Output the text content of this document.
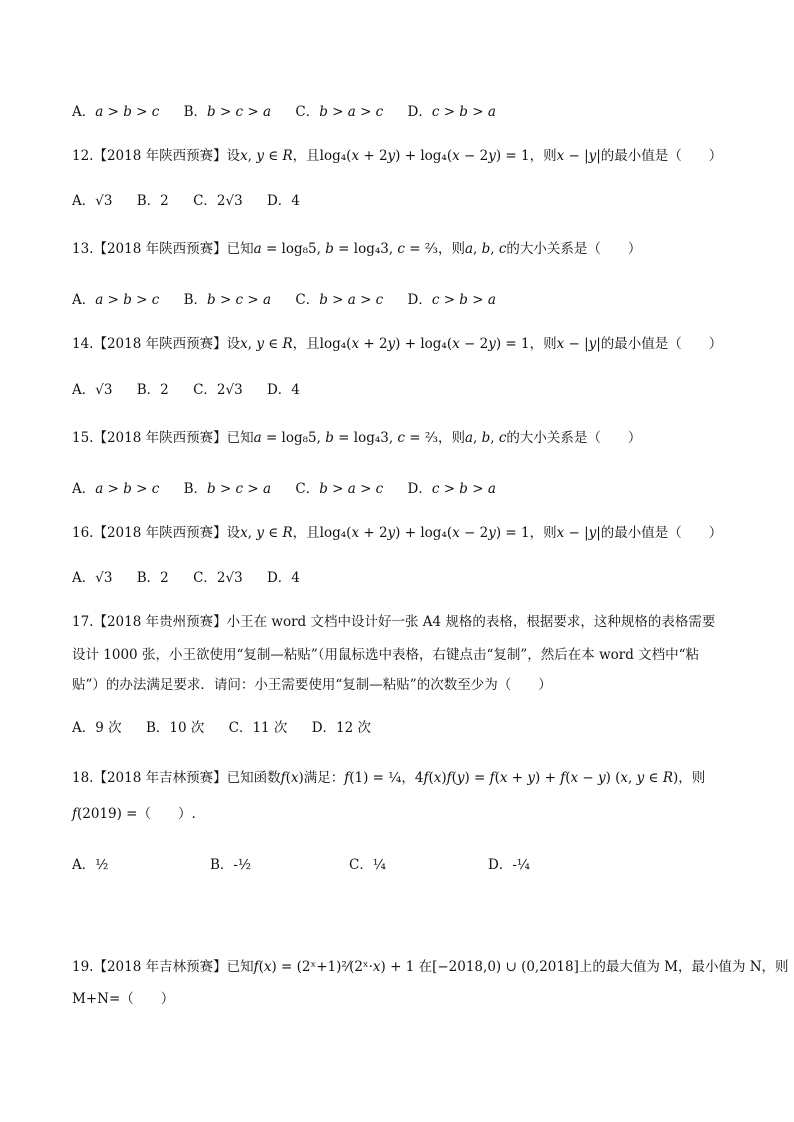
A．𝑎 > 𝑏 > 𝑐 B．𝑏 > 𝑐 > 𝑎 C．𝑏 > 𝑎 > 𝑐 D．𝑐 > 𝑏 > 𝑎
12.【2018 年陕西预赛】设𝑥, 𝑦 ∈ 𝑅，且log₄(𝑥 + 2𝑦) + log₄(𝑥 − 2𝑦) = 1，则𝑥 − |𝑦|的最小值是（　　）
A．√3 B．2 C．2√3 D．4
13.【2018 年陕西预赛】已知𝑎 = log₈5, 𝑏 = log₄3, 𝑐 = ²⁄₃，则𝑎, 𝑏, 𝑐的大小关系是（　　）
A．𝑎 > 𝑏 > 𝑐 B．𝑏 > 𝑐 > 𝑎 C．𝑏 > 𝑎 > 𝑐 D．𝑐 > 𝑏 > 𝑎
14.【2018 年陕西预赛】设𝑥, 𝑦 ∈ 𝑅，且log₄(𝑥 + 2𝑦) + log₄(𝑥 − 2𝑦) = 1，则𝑥 − |𝑦|的最小值是（　　）
A．√3 B．2 C．2√3 D．4
15.【2018 年陕西预赛】已知𝑎 = log₈5, 𝑏 = log₄3, 𝑐 = ²⁄₃，则𝑎, 𝑏, 𝑐的大小关系是（　　）
A．𝑎 > 𝑏 > 𝑐 B．𝑏 > 𝑐 > 𝑎 C．𝑏 > 𝑎 > 𝑐 D．𝑐 > 𝑏 > 𝑎
16.【2018 年陕西预赛】设𝑥, 𝑦 ∈ 𝑅，且log₄(𝑥 + 2𝑦) + log₄(𝑥 − 2𝑦) = 1，则𝑥 − |𝑦|的最小值是（　　）
A．√3 B．2 C．2√3 D．4
17.【2018 年贵州预赛】小王在 word 文档中设计好一张 A4 规格的表格，根据要求，这种规格的表格需要
设计 1000 张，小王欲使用“复制—粘贴”（用鼠标选中表格，右键点击“复制”，然后在本 word 文档中“粘
贴”）的办法满足要求．请问：小王需要使用“复制—粘贴”的次数至少为（　　）
A．9 次 B．10 次 C．11 次 D．12 次
18.【2018 年吉林预赛】已知函数𝑓(𝑥)满足：𝑓(1) = ¼，4𝑓(𝑥)𝑓(𝑦) = 𝑓(𝑥 + 𝑦) + 𝑓(𝑥 − 𝑦) (𝑥, 𝑦 ∈ 𝑅)，则
𝑓(2019) =（　　）.
A．½	B．-½	C．¼	D．-¼
19.【2018 年吉林预赛】已知𝑓(𝑥) = (2ˣ+1)²⁄(2ˣ·𝑥) + 1 在[−2018,0) ∪ (0,2018]上的最大值为 M，最小值为 N，则
M+N=（　　）
